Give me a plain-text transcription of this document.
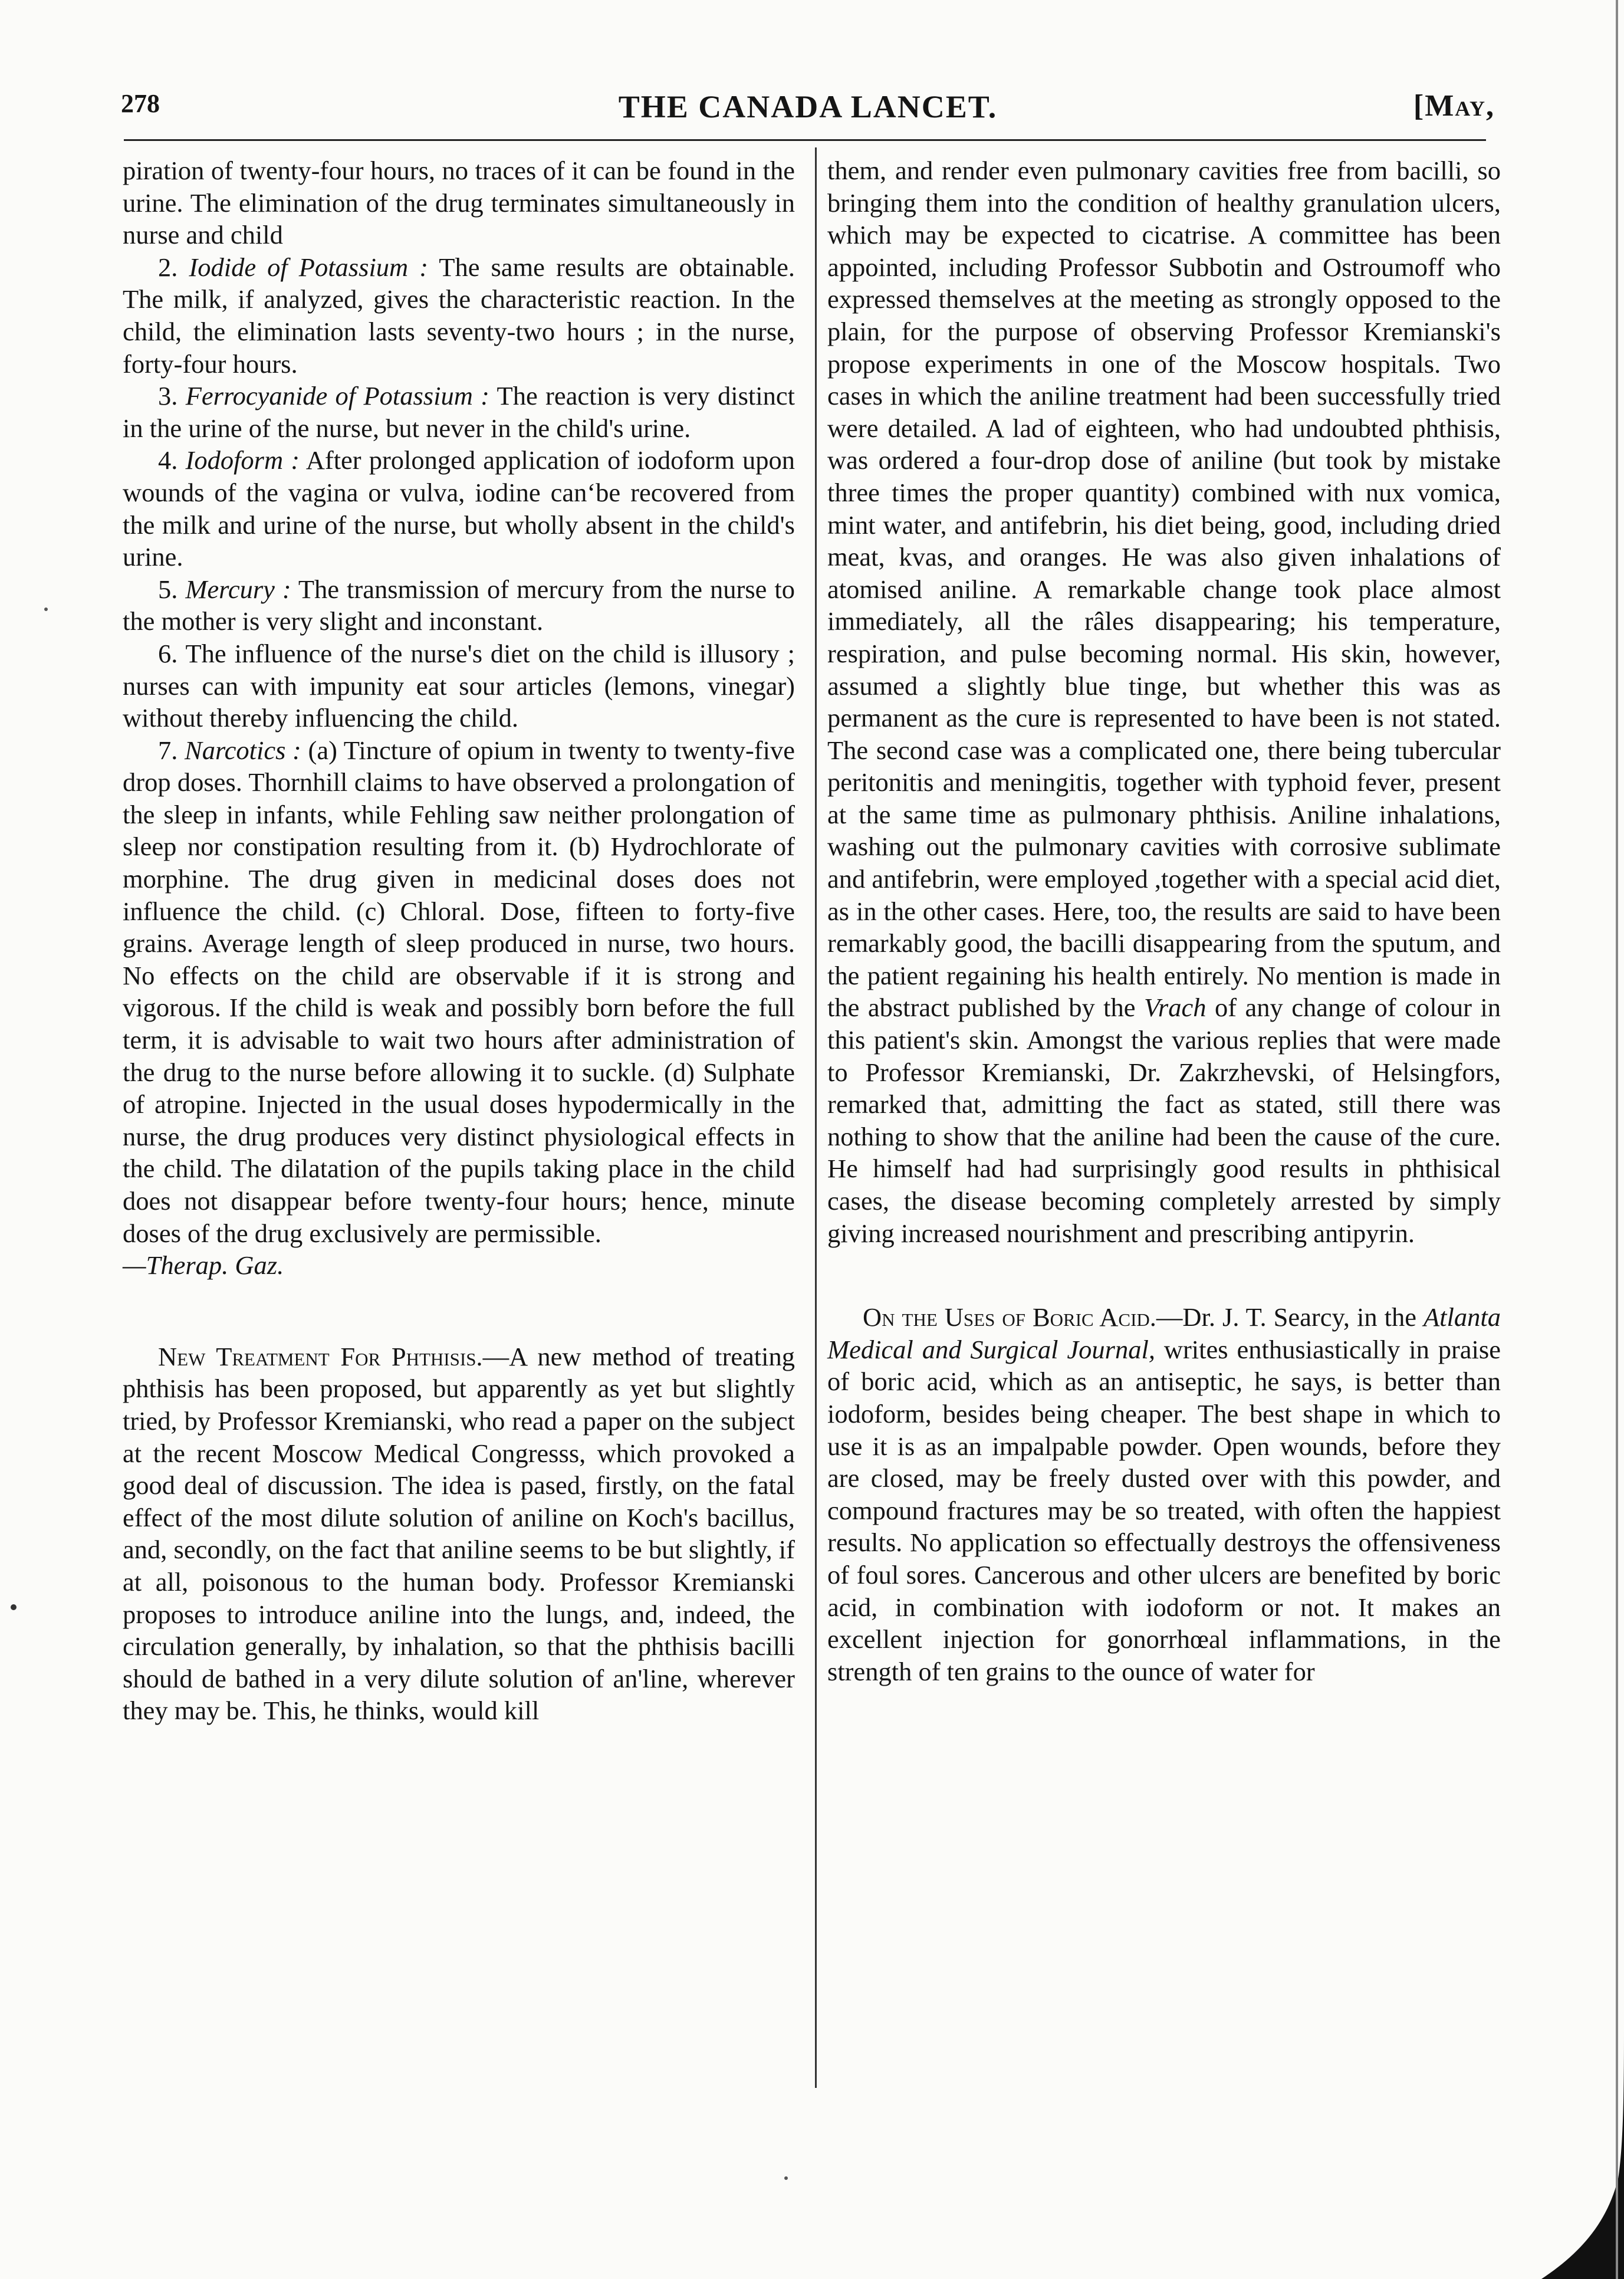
278	THE CANADA LANCET.	[May,

piration of twenty-four hours, no traces of it can be found in the urine. The elimination of the drug terminates simultaneously in nurse and child

2. Iodide of Potassium : The same results are obtainable. The milk, if analyzed, gives the characteristic reaction. In the child, the elimination lasts seventy-two hours ; in the nurse, forty-four hours.

3. Ferrocyanide of Potassium : The reaction is very distinct in the urine of the nurse, but never in the child's urine.

4. Iodoform : After prolonged application of iodoform upon wounds of the vagina or vulva, iodine can‘be recovered from the milk and urine of the nurse, but wholly absent in the child's urine.

5. Mercury : The transmission of mercury from the nurse to the mother is very slight and inconstant.

6. The influence of the nurse's diet on the child is illusory ; nurses can with impunity eat sour articles (lemons, vinegar) without thereby influencing the child.

7. Narcotics : (a) Tincture of opium in twenty to twenty-five drop doses. Thornhill claims to have observed a prolongation of the sleep in infants, while Fehling saw neither prolongation of sleep nor constipation resulting from it. (b) Hydrochlorate of morphine. The drug given in medicinal doses does not influence the child. (c) Chloral. Dose, fifteen to forty-five grains. Average length of sleep produced in nurse, two hours. No effects on the child are observable if it is strong and vigorous. If the child is weak and possibly born before the full term, it is advisable to wait two hours after administration of the drug to the nurse before allowing it to suckle. (d) Sulphate of atropine. Injected in the usual doses hypodermically in the nurse, the drug produces very distinct physiological effects in the child. The dilatation of the pupils taking place in the child does not disappear before twenty-four hours; hence, minute doses of the drug exclusively are permissible.

—Therap. Gaz.

New Treatment For Phthisis.—A new method of treating phthisis has been proposed, but apparently as yet but slightly tried, by Professor Kremianski, who read a paper on the subject at the recent Moscow Medical Congresss, which provoked a good deal of discussion. The idea is pased, firstly, on the fatal effect of the most dilute solution of aniline on Koch's bacillus, and, secondly, on the fact that aniline seems to be but slightly, if at all, poisonous to the human body. Professor Kremianski proposes to introduce aniline into the lungs, and, indeed, the circulation generally, by inhalation, so that the phthisis bacilli should de bathed in a very dilute solution of an'line, wherever they may be. This, he thinks, would kill

them, and render even pulmonary cavities free from bacilli, so bringing them into the condition of healthy granulation ulcers, which may be expected to cicatrise. A committee has been appointed, including Professor Subbotin and Ostroumoff who expressed themselves at the meeting as strongly opposed to the plain, for the purpose of observing Professor Kremianski's propose experiments in one of the Moscow hospitals. Two cases in which the aniline treatment had been successfully tried were detailed. A lad of eighteen, who had undoubted phthisis, was ordered a four-drop dose of aniline (but took by mistake three times the proper quantity) combined with nux vomica, mint water, and antifebrin, his diet being, good, including dried meat, kvas, and oranges. He was also given inhalations of atomised aniline. A remarkable change took place almost immediately, all the râles disappearing; his temperature, respiration, and pulse becoming normal. His skin, however, assumed a slightly blue tinge, but whether this was as permanent as the cure is represented to have been is not stated. The second case was a complicated one, there being tubercular peritonitis and meningitis, together with typhoid fever, present at the same time as pulmonary phthisis. Aniline inhalations, washing out the pulmonary cavities with corrosive sublimate and antifebrin, were employed ,together with a special acid diet, as in the other cases. Here, too, the results are said to have been remarkably good, the bacilli disappearing from the sputum, and the patient regaining his health entirely. No mention is made in the abstract published by the Vrach of any change of colour in this patient's skin. Amongst the various replies that were made to Professor Kremianski, Dr. Zakrzhevski, of Helsingfors, remarked that, admitting the fact as stated, still there was nothing to show that the aniline had been the cause of the cure. He himself had had surprisingly good results in phthisical cases, the disease becoming completely arrested by simply giving increased nourishment and prescribing antipyrin.

On the Uses of Boric Acid.—Dr. J. T. Searcy, in the Atlanta Medical and Surgical Journal, writes enthusiastically in praise of boric acid, which as an antiseptic, he says, is better than iodoform, besides being cheaper. The best shape in which to use it is as an impalpable powder. Open wounds, before they are closed, may be freely dusted over with this powder, and compound fractures may be so treated, with often the happiest results. No application so effectually destroys the offensiveness of foul sores. Cancerous and other ulcers are benefited by boric acid, in combination with iodoform or not. It makes an excellent injection for gonorrhœal inflammations, in the strength of ten grains to the ounce of water for
